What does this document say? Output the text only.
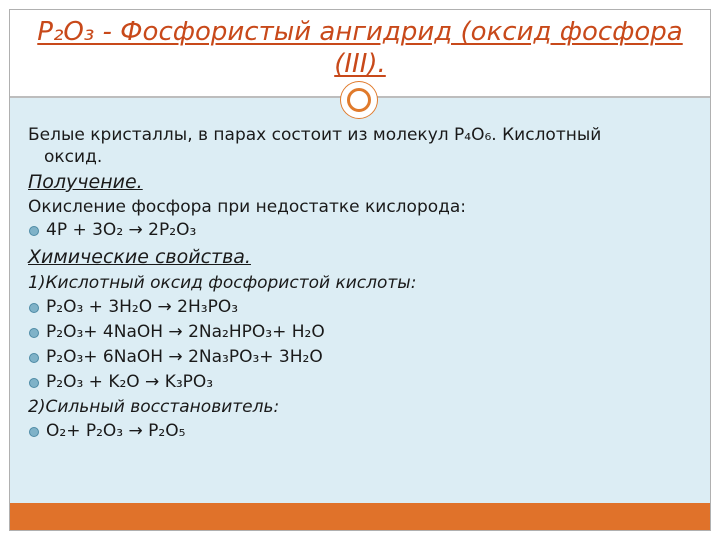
P₂O₃ - Фосфористый ангидрид (оксид фосфора
(III).

Белые кристаллы, в парах состоит из молекул P₄O₆. Кислотный

оксид.

Получение.

Окисление фосфора при недостатке кислорода:

4P + 3O₂ → 2P₂O₃

Химические свойства.

1)Кислотный оксид фосфористой кислоты:

P₂O₃ + 3H₂O → 2H₃PO₃

P₂O₃+ 4NaOH → 2Na₂HPO₃+ H₂O

P₂O₃+ 6NaOH → 2Na₃PO₃+ 3H₂O

P₂O₃ + K₂O → K₃PO₃

2)Сильный восстановитель:

O₂+ P₂O₃ → P₂O₅
